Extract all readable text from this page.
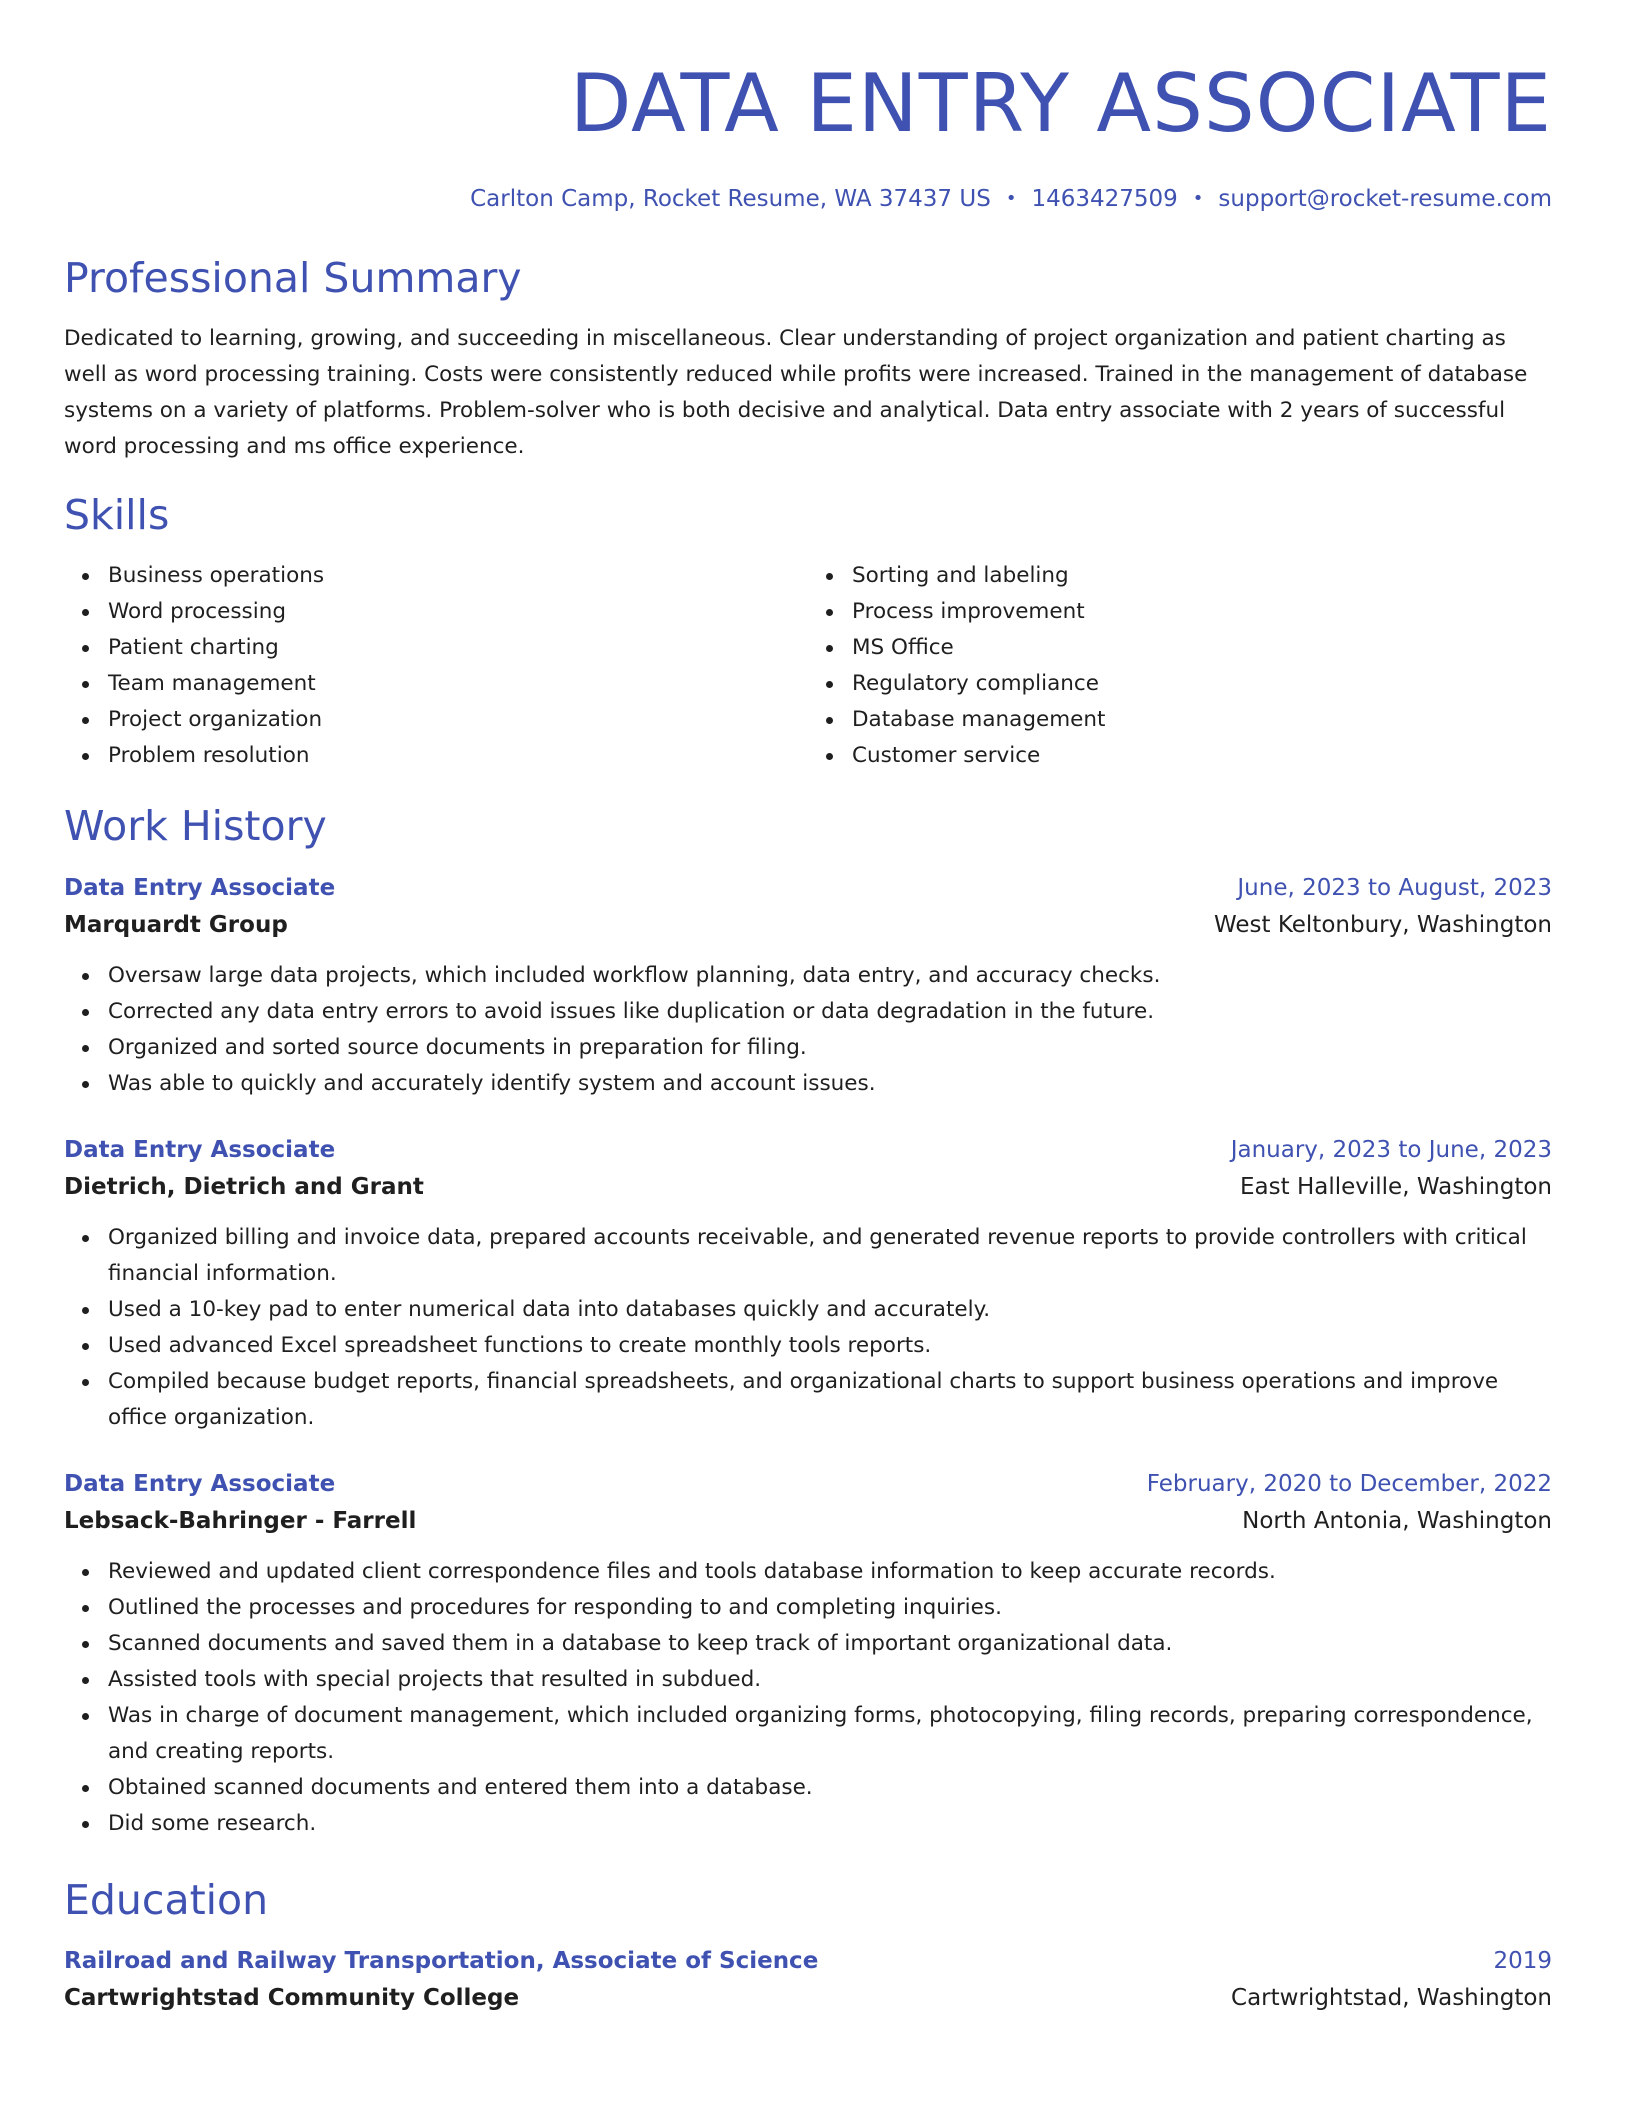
DATA ENTRY ASSOCIATE
Carlton Camp, Rocket Resume, WA 37437 US • 1463427509 • support@rocket-resume.com
Professional Summary

Dedicated to learning, growing, and succeeding in miscellaneous. Clear understanding of project organization and patient charting as well as word processing training. Costs were consistently reduced while profits were increased. Trained in the management of database systems on a variety of platforms. Problem-solver who is both decisive and analytical. Data entry associate with 2 years of successful word processing and ms office experience.

Skills
Business operations
Word processing
Patient charting
Team management
Project organization
Problem resolution
Sorting and labeling
Process improvement
MS Office
Regulatory compliance
Database management
Customer service
Work History
Data Entry Associate	June, 2023 to August, 2023
Marquardt Group	West Keltonbury, Washington
Oversaw large data projects, which included workflow planning, data entry, and accuracy checks.
Corrected any data entry errors to avoid issues like duplication or data degradation in the future.
Organized and sorted source documents in preparation for filing.
Was able to quickly and accurately identify system and account issues.
Data Entry Associate	January, 2023 to June, 2023
Dietrich, Dietrich and Grant	East Halleville, Washington
Organized billing and invoice data, prepared accounts receivable, and generated revenue reports to provide controllers with critical financial information.
Used a 10-key pad to enter numerical data into databases quickly and accurately.
Used advanced Excel spreadsheet functions to create monthly tools reports.
Compiled because budget reports, financial spreadsheets, and organizational charts to support business operations and improve office organization.
Data Entry Associate	February, 2020 to December, 2022
Lebsack-Bahringer - Farrell	North Antonia, Washington
Reviewed and updated client correspondence files and tools database information to keep accurate records.
Outlined the processes and procedures for responding to and completing inquiries.
Scanned documents and saved them in a database to keep track of important organizational data.
Assisted tools with special projects that resulted in subdued.
Was in charge of document management, which included organizing forms, photocopying, filing records, preparing correspondence, and creating reports.
Obtained scanned documents and entered them into a database.
Did some research.
Education
Railroad and Railway Transportation, Associate of Science	2019
Cartwrightstad Community College	Cartwrightstad, Washington
